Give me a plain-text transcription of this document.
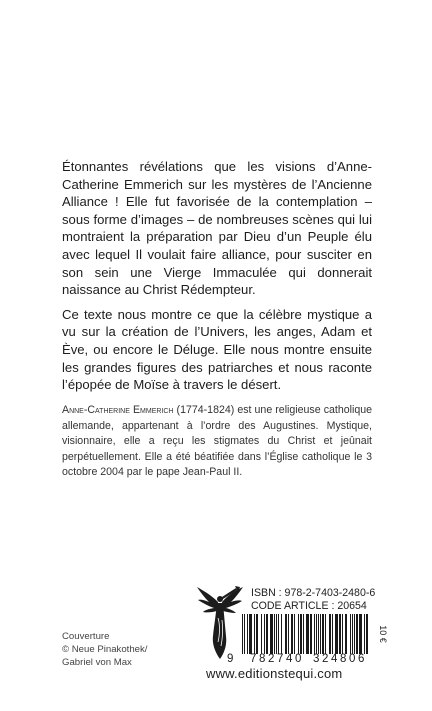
Étonnantes révélations que les visions d’Anne-Catherine Emmerich sur les mystères de l’Ancienne Alliance ! Elle fut favorisée de la contemplation – sous forme d’images – de nombreuses scènes qui lui montraient la préparation par Dieu d’un Peuple élu avec lequel Il voulait faire alliance, pour susciter en son sein une Vierge Immaculée qui donnerait naissance au Christ Rédempteur.

Ce texte nous montre ce que la célèbre mystique a vu sur la création de l’Univers, les anges, Adam et Ève, ou encore le Déluge. Elle nous montre ensuite les grandes figures des patriarches et nous raconte l’épopée de Moïse à travers le désert.

Anne-Catherine Emmerich (1774-1824) est une religieuse catholique allemande, appartenant à l’ordre des Augustines. Mystique, visionnaire, elle a reçu les stigmates du Christ et jeûnait perpétuellement. Elle a été béatifiée dans l’Église catholique le 3 octobre 2004 par le pape Jean-Paul II.

Couverture
© Neue Pinakothek/
Gabriel von Max
ISBN : 978-2-7403-2480-6
CODE ARTICLE : 20654
10 €
9 782740 324806
www.editionstequi.com
